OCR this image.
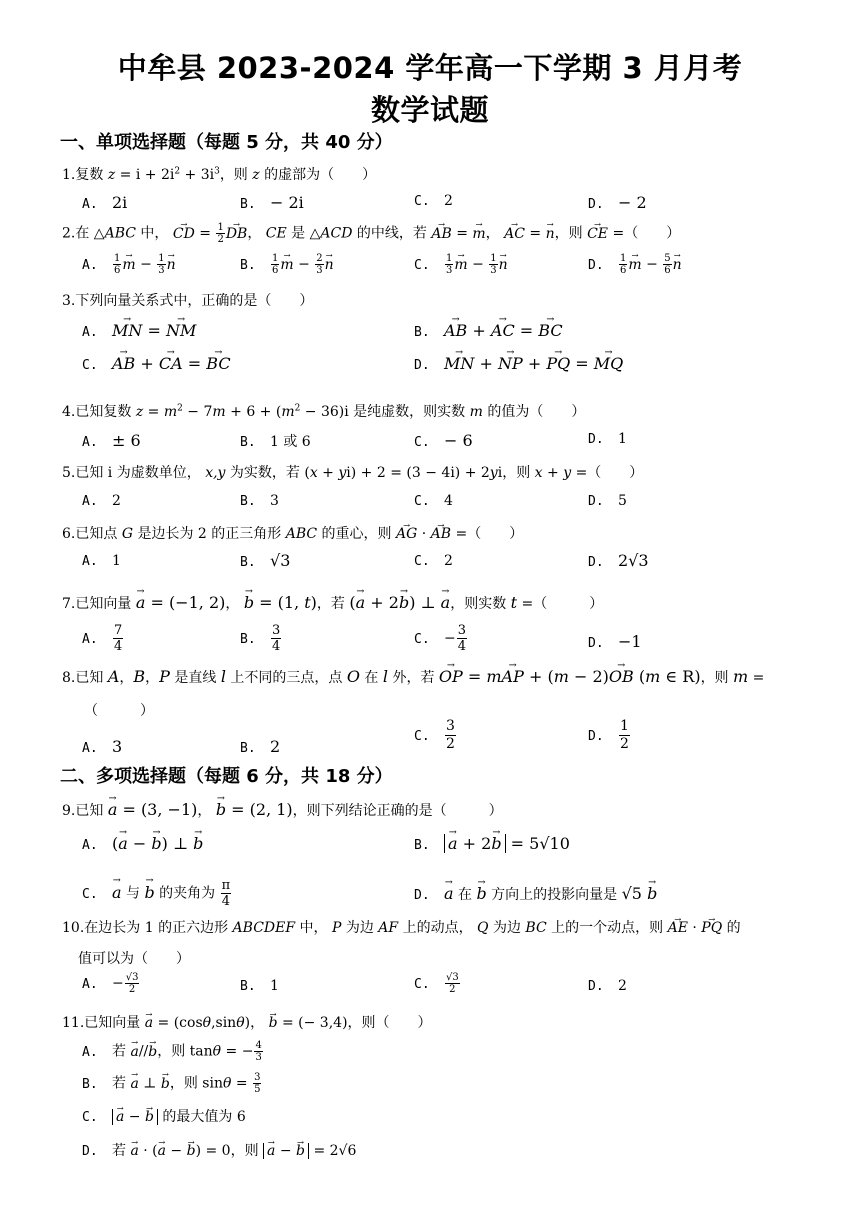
中牟县 2023-2024 学年高一下学期 3 月月考
数学试题
一、单项选择题（每题 5 分，共 40 分）
1.复数 $z = i + 2i^2 + 3i^3$，则 z 的虚部为（　　）
A. 2i	B. − 2i	C. 2	D. − 2
2.在 △ABC 中， → CD = $\frac{1}{2}$
→ DB， CE 是 △ACD 的中线，若 → AB = → m， → AC = → n，则 → CE =（　　）
A. $\frac{1}{6}$
→ $m - \frac{1}{3}$
→ n	B. $\frac{1}{6}$
→ $m - \frac{2}{3}$
→ n	C. $\frac{1}{3}$
→ $m - \frac{1}{3}$
→ n	D. $\frac{1}{6}$
→ $m - \frac{5}{6}$
→ n
3.下列向量关系式中，正确的是（　　）
A.→ MN = → NM	B.→ AB + → AC = → BC
C.→ AB + → CA = → BC	D.→ MN + → NP + → PQ = → MQ
4.已知复数 $z = m^2 - 7m + 6 + (m^2 - 36)i$ 是纯虚数，则实数 m 的值为（　　）
A. ± 6	B. 1 或 6	C. − 6	D. 1
5.已知 i 为虚数单位， x,y 为实数，若 (x + yi) + 2 = (3 − 4i) + 2yi，则 x + y =（　　）
A. 2	B. 3	C. 4	D. 5
6.已知点 G 是边长为 2 的正三角形 ABC 的重心，则 → AG · → AB =（　　）
A. 1	B. √3	C. 2	D. 2√3
7.已知向量 → a = (−1, 2)， → b = (1, t)，若 (→ a + 2→ b) ⊥ → a，则实数 t =（　　　）
A. $\frac{7}{4}$	B. $\frac{3}{4}$	C. − $\frac{3}{4}$	D. −1
8.已知 A，B，P 是直线 l 上不同的三点，点 O 在 l 外，若 → OP = m→ AP + (m − 2)→ OB (m ∈ R)，则 m =
（　　　）
A. 3	B. 2
C. $\frac{3}{2}$	D. $\frac{1}{2}$
二、多项选择题（每题 6 分，共 18 分）
9.已知 → a = (3, −1)， → b = (2, 1)，则下列结论正确的是（　　　）
A. (→ a − → b) ⊥ → b	B.→ a + 2→ b = 5√10
C.→ a 与 → b 的夹角为 $\frac{\pi}{4}$	D.→ a 在 → b 方向上的投影向量是 √5 → b
10.在边长为 1 的正六边形 ABCDEF 中， P 为边 AF 上的动点， Q 为边 BC 上的一个动点，则 → AE · → PQ 的
值可以为（　　）
A. − $\frac{√3}{2}$	B. 1	C. $\frac{√3}{2}$	D. 2
11.已知向量 → a = (cosθ,sinθ)， → b = (− 3,4)，则（　　）
A. 若 → a//→ b，则 tanθ = − $\frac{4}{3}$
B. 若 → a ⊥ → b，则 $\sin\theta = \frac{3}{5}$
C.→ a − → b 的最大值为 6
D. 若 → a · (→ a − → b) = 0，则 → a − → b = 2√6
